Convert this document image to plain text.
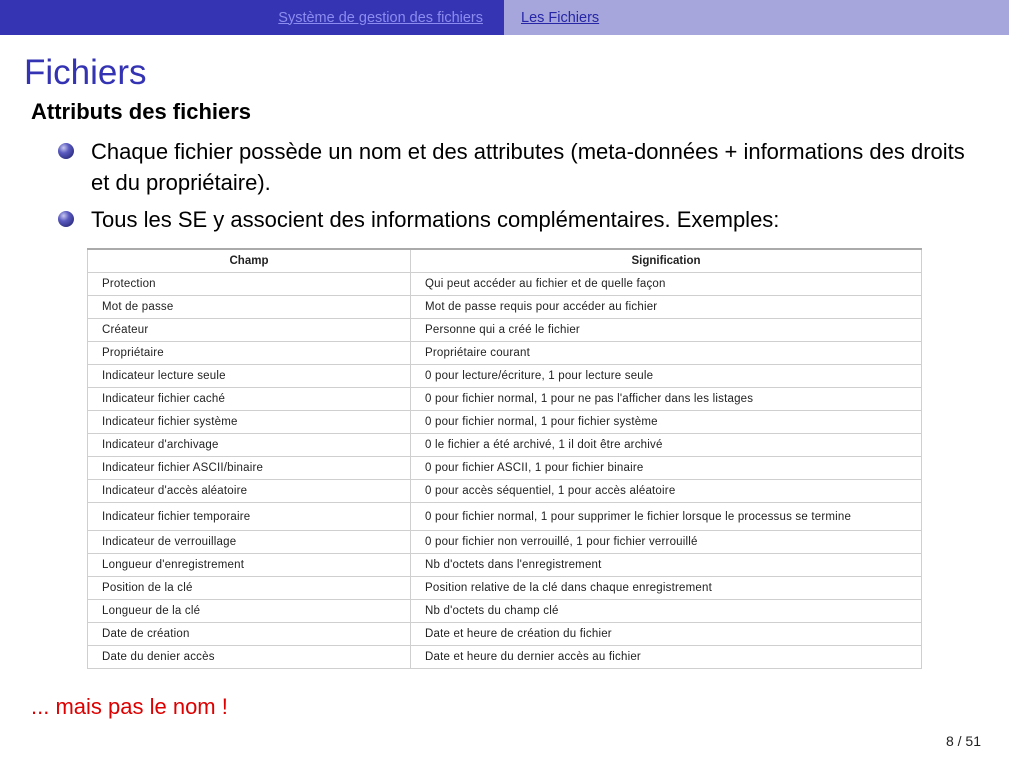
Système de gestion des fichiers	Les Fichiers
Fichiers
Attributs des fichiers
Chaque fichier possède un nom et des attributes (meta-données + informations des droits et du propriétaire).
Tous les SE y associent des informations complémentaires. Exemples:
Champ	Signification
Protection	Qui peut accéder au fichier et de quelle façon
Mot de passe	Mot de passe requis pour accéder au fichier
Créateur	Personne qui a créé le fichier
Propriétaire	Propriétaire courant
Indicateur lecture seule	0 pour lecture/écriture, 1 pour lecture seule
Indicateur fichier caché	0 pour fichier normal, 1 pour ne pas l'afficher dans les listages
Indicateur fichier système	0 pour fichier normal, 1 pour fichier système
Indicateur d'archivage	0 le fichier a été archivé, 1 il doit être archivé
Indicateur fichier ASCII/binaire	0 pour fichier ASCII, 1 pour fichier binaire
Indicateur d'accès aléatoire	0 pour accès séquentiel, 1 pour accès aléatoire
Indicateur fichier temporaire	0 pour fichier normal, 1 pour supprimer le fichier lorsque le processus se termine
Indicateur de verrouillage	0 pour fichier non verrouillé, 1 pour fichier verrouillé
Longueur d'enregistrement	Nb d'octets dans l'enregistrement
Position de la clé	Position relative de la clé dans chaque enregistrement
Longueur de la clé	Nb d'octets du champ clé
Date de création	Date et heure de création du fichier
Date du denier accès	Date et heure du dernier accès au fichier
... mais pas le nom !
8 / 51
